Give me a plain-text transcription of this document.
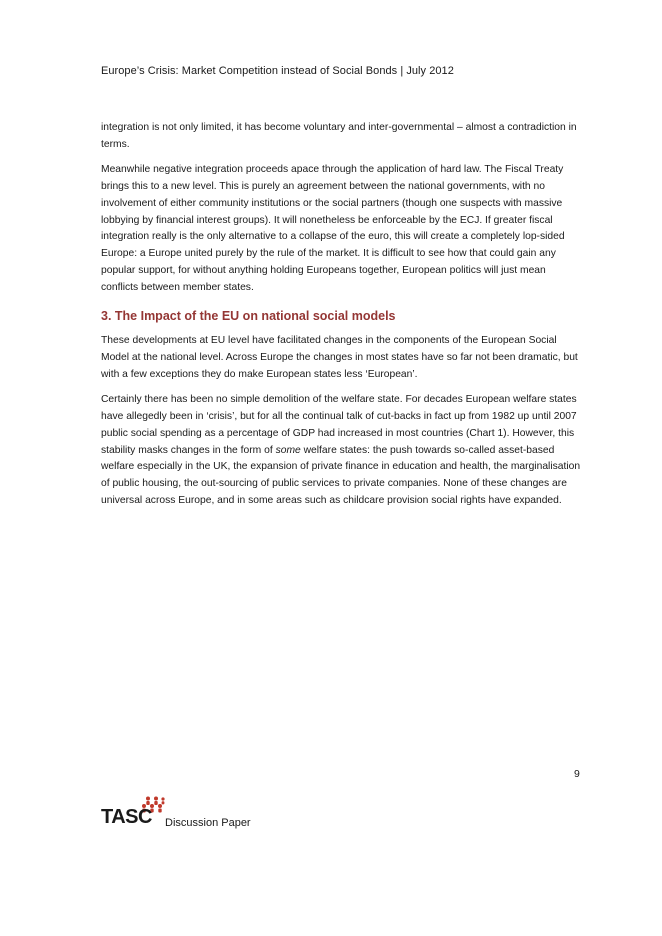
Europe’s Crisis: Market Competition instead of Social Bonds | July 2012

integration is not only limited, it has become voluntary and inter-governmental – almost a contradiction in terms.

Meanwhile negative integration proceeds apace through the application of hard law. The Fiscal Treaty brings this to a new level. This is purely an agreement between the national governments, with no involvement of either community institutions or the social partners (though one suspects with massive lobbying by financial interest groups). It will nonetheless be enforceable by the ECJ. If greater fiscal integration really is the only alternative to a collapse of the euro, this will create a completely lop-sided Europe: a Europe united purely by the rule of the market. It is difficult to see how that could gain any popular support, for without anything holding Europeans together, European politics will just mean conflicts between member states.

3. The Impact of the EU on national social models

These developments at EU level have facilitated changes in the components of the European Social Model at the national level. Across Europe the changes in most states have so far not been dramatic, but with a few exceptions they do make European states less ‘European’.

Certainly there has been no simple demolition of the welfare state. For decades European welfare states have allegedly been in ‘crisis’, but for all the continual talk of cut-backs in fact up from 1982 up until 2007 public social spending as a percentage of GDP had increased in most countries (Chart 1). However, this stability masks changes in the form of some welfare states: the push towards so-called asset-based welfare especially in the UK, the expansion of private finance in education and health, the marginalisation of public housing, the out-sourcing of public services to private companies. None of these changes are universal across Europe, and in some areas such as childcare provision social rights have expanded.

9
TASC Discussion Paper
